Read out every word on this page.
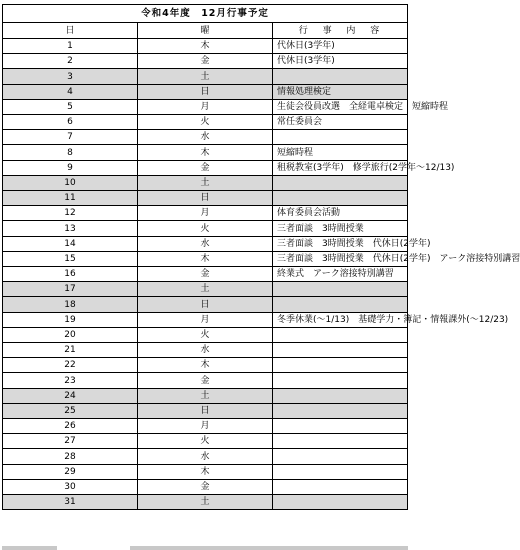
令和4年度　12月行事予定		
日	曜	行 事 内 容
1	木	代休日(3学年)
2	金	代休日(3学年)
3	土	
4	日	情報処理検定
5	月	生徒会役員改選　全経電卓検定　短縮時程
6	火	常任委員会
7	水	
8	木	短縮時程
9	金	租税教室(3学年)　修学旅行(2学年～12/13)
10	土	
11	日	
12	月	体育委員会活動
13	火	三者面談　3時間授業
14	水	三者面談　3時間授業　代休日(2学年)
15	木	三者面談　3時間授業　代休日(2学年)　アーク溶接特別講習
16	金	終業式　アーク溶接特別講習
17	土	
18	日	
19	月	冬季休業(～1/13)　基礎学力・簿記・情報課外(～12/23)
20	火	
21	水	
22	木	
23	金	
24	土	
25	日	
26	月	
27	火	
28	水	
29	木	
30	金	
31	土	
